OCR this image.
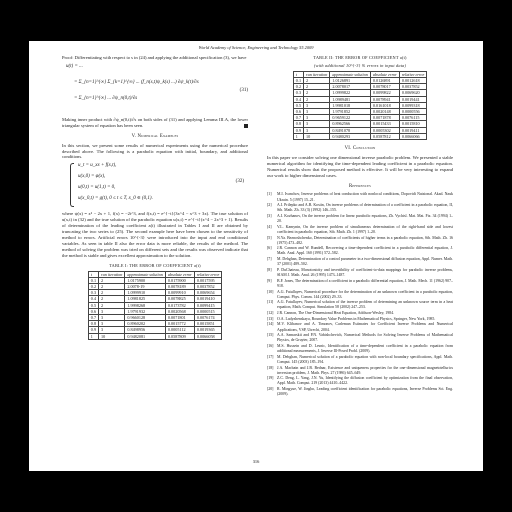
World Academy of Science, Engineering and Technology 55 2009

Proof: Differentiating with respect to s in (24) and applying the additional specification (3), we have

u(t) = ...
= Σ_{n=1}^{∞} Σ_{k=1}^{∞} ... (f_n(s,t)ψ_k(s) ...) ∂ψ_k(t)/∂s
= Σ_{n=1}^{∞} ... ∂ψ_n(0,t)/∂s
(31)

Making inner product with ∂ψ_n(0,t)/∂s on both sides of (31) and applying Lemma III.A, the lower triangular system of equation has been seen.

V. Numerical Examples

In this section, we present some results of numerical experiments using the numerical procedure described above. The following is a parabolic equation with initial, boundary, and additional conditions.

u_t = u_xx + f(x,t),
u(x,0) = φ(x),
u(0,t) = u(1,t) = 0,
u(x_0,t) = g(t), 0 ≤ t ≤ T, x_0 ∈ (0,1).
(32)

where ψ(x) = x² − 2x + 1, f(x) = −2t^3, and f(x,t) = e^{−t}(3x^4 − x^3 + 3x). The true solution of u(x,t) in (32) and the true solution of the parabolic equation u(x,t) = e^{−t}(x^4 − 2x^3 + 1). Results of determination of the leading coefficient a(t) illustrated in Tables I and II are obtained by truncating the two series to (25). The second example here have been chosen to the sensitivity of method to errors. Artificial errors 10^{-3} were introduced into the input and end conditional variables. As seen in table II also the error data is more reliable, the results of the method. The method of solving the problem was tried on different sets and the results was observed indicate that the method is stable and gives excellent approximation to the solution.

TABLE I: THE ERROR OF COEFFICIENT a(t)
t	run iteration	approximate solution	absolute error	relative error
0.1	2	1.0175900	0.0175900	0.0017595
0.2	2	2.0078-19	0.0078189	0.0037852
0.3	2	1.0999910	0.0099910	0.0069654
0.4	2	1.0981825	0.0078825	0.0019410
0.5	2	1.9998268	0.0173782	0.0099415
0.6	3	1.9791932	0.0020568	0.0000515
0.7	3	0.9660128	0.0071801	0.0076174
0.8	3	0.8960202	0.0015772	0.0015851
0.9	3	0.8498956	0.0005112	0.0019365
1	10	0.9482081	0.0587809	0.0066058
TABLE II: THE ERROR OF COEFFICIENT a(t)
(with additional 10^{-3} % errors in input data)
t	run iteration	approximate solution	absolute error	relative error
0.1	2	1.0126891	0.0126891	0.0012618
0.2	2	2.0078017	0.0078017	0.0037852
0.3	2	1.0999822	0.0099822	0.0069620
0.4	2	1.0989481	0.0078941	0.0019441
0.5	3	1.9981018	0.0161018	0.0099318
0.6	3	1.9791852	0.0020148	0.0000556
0.7	3	0.9659122	0.0071878	0.0076115
0.8	3	0.8962566	0.0015433	0.0015810
0.9	3	0.8491078	0.0005302	0.0019411
1	10	0.9480293	0.0587812	0.0066066
VI. Conclusion

In this paper we consider solving one dimensional inverse parabolic problem. We presented a stable numerical algorithm for identifying the time-dependent leading coefficient in a parabolic equation. Numerical results show that the proposed method is effective. It will be very interesting to expand our work to higher dimensional cases.

References
[1] M.I. Ivanchov, Inverse problems of heat conduction with nonlocal conditions, Dopovidi Natsional. Akad. Nauk Ukrain. 5 (1997) 15–21.
[2] A.I. Prilepko and A.B. Kostin, On inverse problems of determination of a coefficient in a parabolic equation, II, Sib. Math. Zh. 33 (3) (1992) 146–155.
[3] A.I. Kozhanov, On the inverse problem for linear parabolic equations, Zh. Vychisl. Mat. Mat. Fiz. 34 (1994) 1–20.
[4] V.L. Kamynin, On the inverse problem of simultaneous determination of the right-hand side and lowest coefficient in parabolic equation, Sib. Math. Zh. 1 (1997) 1–20.
[5] N.Ya. Beznoshchenko, Determination of coefficients of higher terms in a parabolic equation, Sib. Math. Zh. 16 (1975) 473–482.
[6] J.R. Cannon and W. Rundell, Recovering a time-dependent coefficient in a parabolic differential equation, J. Math. Anal. Appl. 160 (1991) 572–582.
[7] M. Dehghan, Determination of a control parameter in a two-dimensional diffusion equation, Appl. Numer. Math. 37 (2001) 489–502.
[8] P. DuChateau, Monotonicity and invertibility of coefficient-to-data mappings for parabolic inverse problems, SIAM J. Math. Anal. 26 (1995) 1473–1487.
[9] B.F. Jones, The determination of a coefficient in a parabolic differential equation, J. Math. Mech. 11 (1962) 907–918.
[10] A.G. Fatullayev, Numerical procedure for the determination of an unknown coefficient in a parabolic equation, Comput. Phys. Comm. 144 (2002) 29–33.
[11] A.G. Fatullayev, Numerical solution of the inverse problem of determining an unknown source term in a heat equation, Math. Comput. Simulation 58 (2002) 247–253.
[12] J.R. Cannon, The One-Dimensional Heat Equation, Addison-Wesley, 1984.
[13] O.A. Ladyzhenskaya, Boundary Value Problems in Mathematical Physics, Springer, New York, 1985.
[14] M.V. Klibanov and A. Timonov, Carleman Estimates for Coefficient Inverse Problems and Numerical Applications, VSP, Utrecht, 2004.
[15] A.A. Samarskii and P.N. Vabishchevich, Numerical Methods for Solving Inverse Problems of Mathematical Physics, de Gruyter, 2007.
[16] M.S. Hussein and D. Lesnic, Identification of a time-dependent coefficient in a parabolic equation from additional measurements, J. Inverse Ill-Posed Probl. (2009).
[17] M. Dehghan, Numerical solution of a parabolic equation with non-local boundary specifications, Appl. Math. Comput. 145 (2003) 185–194.
[18] J.A. Macbain and J.B. Bednar, Existence and uniqueness properties for the one-dimensional magnetotellurics inversion problem, J. Math. Phys. 27 (1986) 645–649.
[19] Z.C. Deng, L. Yang, J.N. Yu, Identifying the diffusion coefficient by optimization from the final observation, Appl. Math. Comput. 219 (2013) 4410–4422.
[20] R. Mingyue, W. Jingbo, Leading coefficient identification for parabolic equations, Inverse Problems Sci. Eng. (2009).
316
